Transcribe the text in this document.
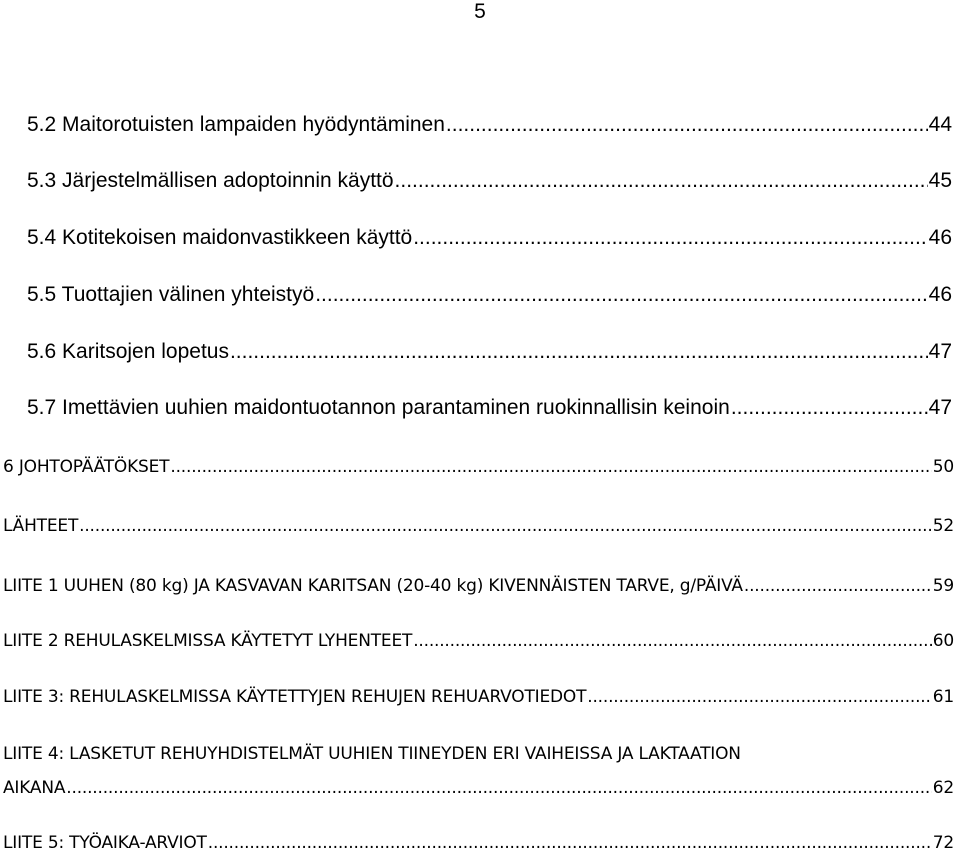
5
5.2 Maitorotuisten lampaiden hyödyntäminen .....	44
5.3 Järjestelmällisen adoptoinnin käyttö .....	45
5.4 Kotitekoisen maidonvastikkeen käyttö .....	46
5.5 Tuottajien välinen yhteistyö .....	46
5.6 Karitsojen lopetus .....	47
5.7 Imettävien uuhien maidontuotannon parantaminen ruokinnallisin keinoin .....	47
6 JOHTOPÄÄTÖKSET .....	50
LÄHTEET .....	52
LIITE 1 UUHEN (80 kg) JA KASVAVAN KARITSAN (20-40 kg) KIVENNÄISTEN TARVE, g/PÄIVÄ .....	59
LIITE 2 REHULASKELMISSA KÄYTETYT LYHENTEET .....	60
LIITE 3: REHULASKELMISSA KÄYTETTYJEN REHUJEN REHUARVOTIEDOT .....	61
LIITE 4: LASKETUT REHUYHDISTELMÄT UUHIEN TIINEYDEN ERI VAIHEISSA JA LAKTAATION
AIKANA .....	62
LIITE 5: TYÖAIKA-ARVIOT .....	72
